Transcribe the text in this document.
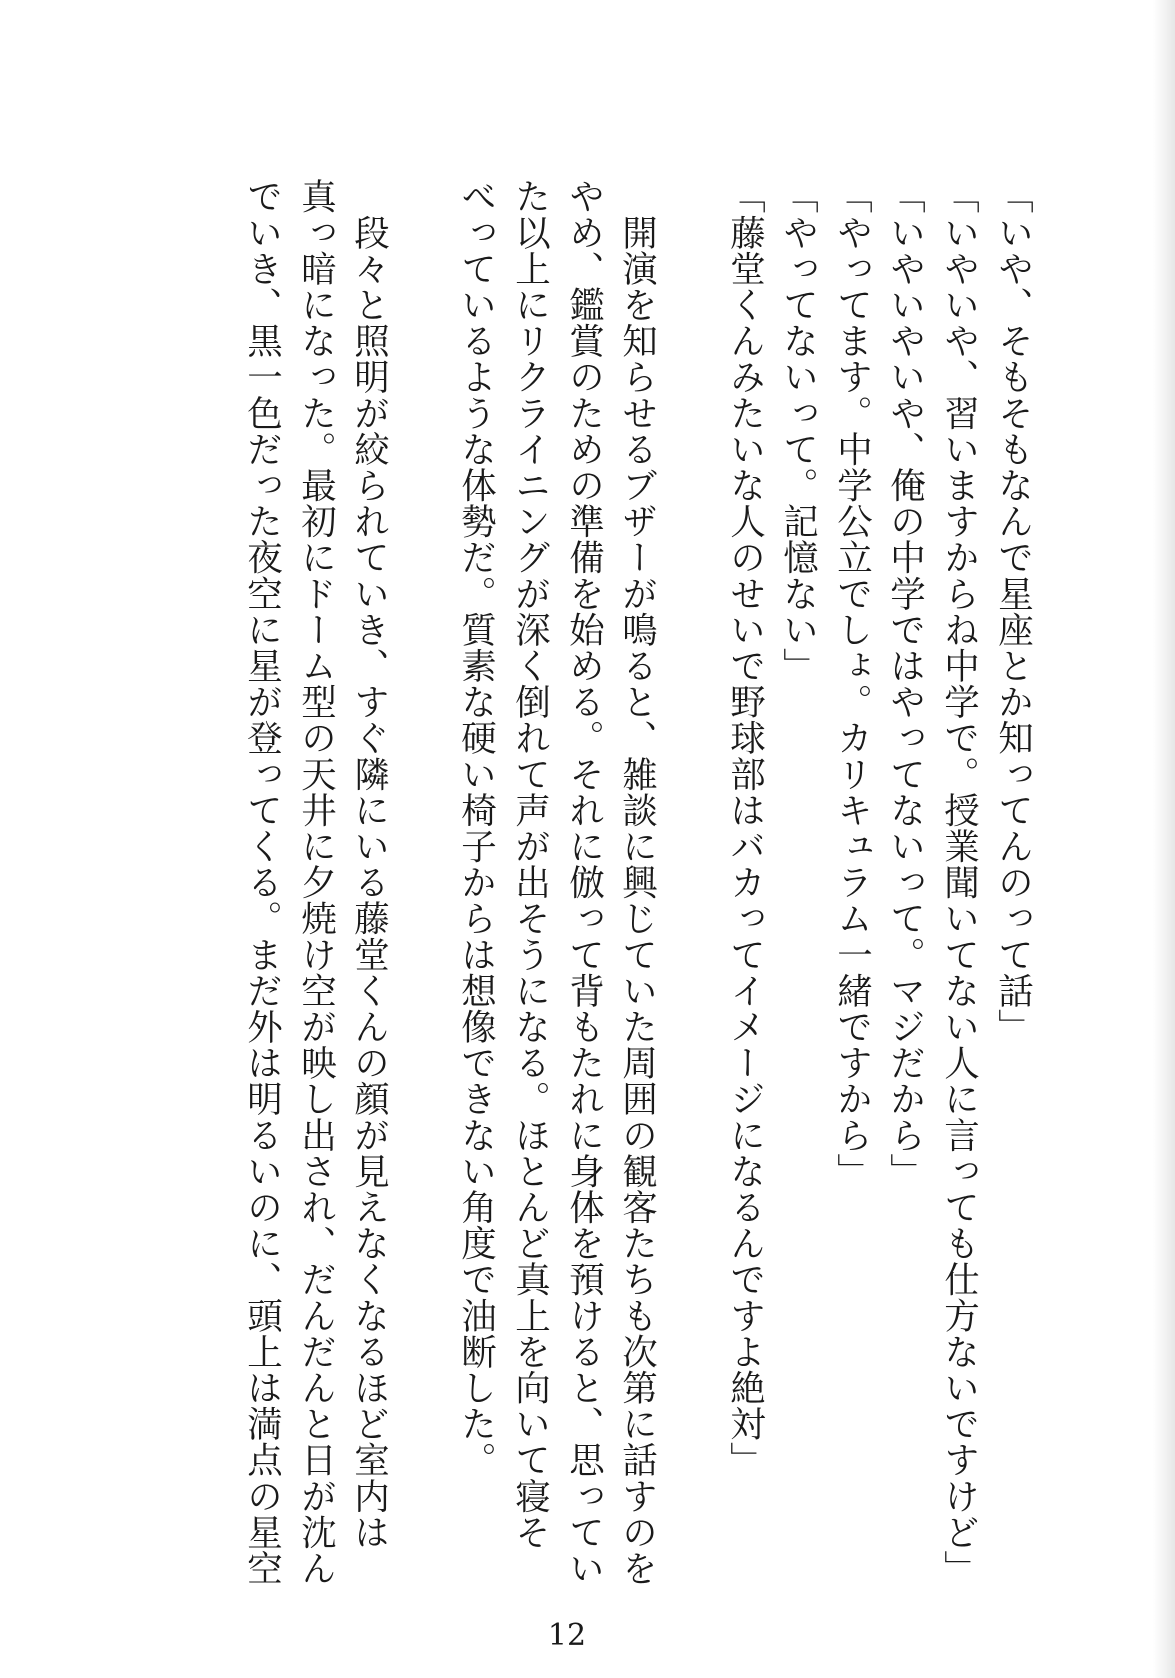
でいき、黒一色だった夜空に星が登ってくる。まだ外は明るいのに、頭上は満点の星空 真っ暗になった。最初にドーム型の天井に夕焼け空が映し出され、だんだんと日が沈ん 　段々と照明が絞られていき、すぐ隣にいる藤堂くんの顔が見えなくなるほど室内は べっているような体勢だ。質素な硬い椅子からは想像できない角度で油断した。 た以上にリクライニングが深く倒れて声が出そうになる。ほとんど真上を向いて寝そ やめ、鑑賞のための準備を始める。それに倣って背もたれに身体を預けると、思ってい 　開演を知らせるブザーが鳴ると、雑談に興じていた周囲の観客たちも次第に話すのを 「藤堂くんみたいな人のせいで野球部はバカってイメージになるんですよ絶対」 「やってないって。記憶ない」 「やってます。中学公立でしょ。カリキュラム一緒ですから」 「いやいやいや、俺の中学ではやってないって。マジだから」 「いやいや、習いますからね中学で。授業聞いてない人に言っても仕方ないですけど」 「いや、そもそもなんで星座とか知ってんのって話」

12
